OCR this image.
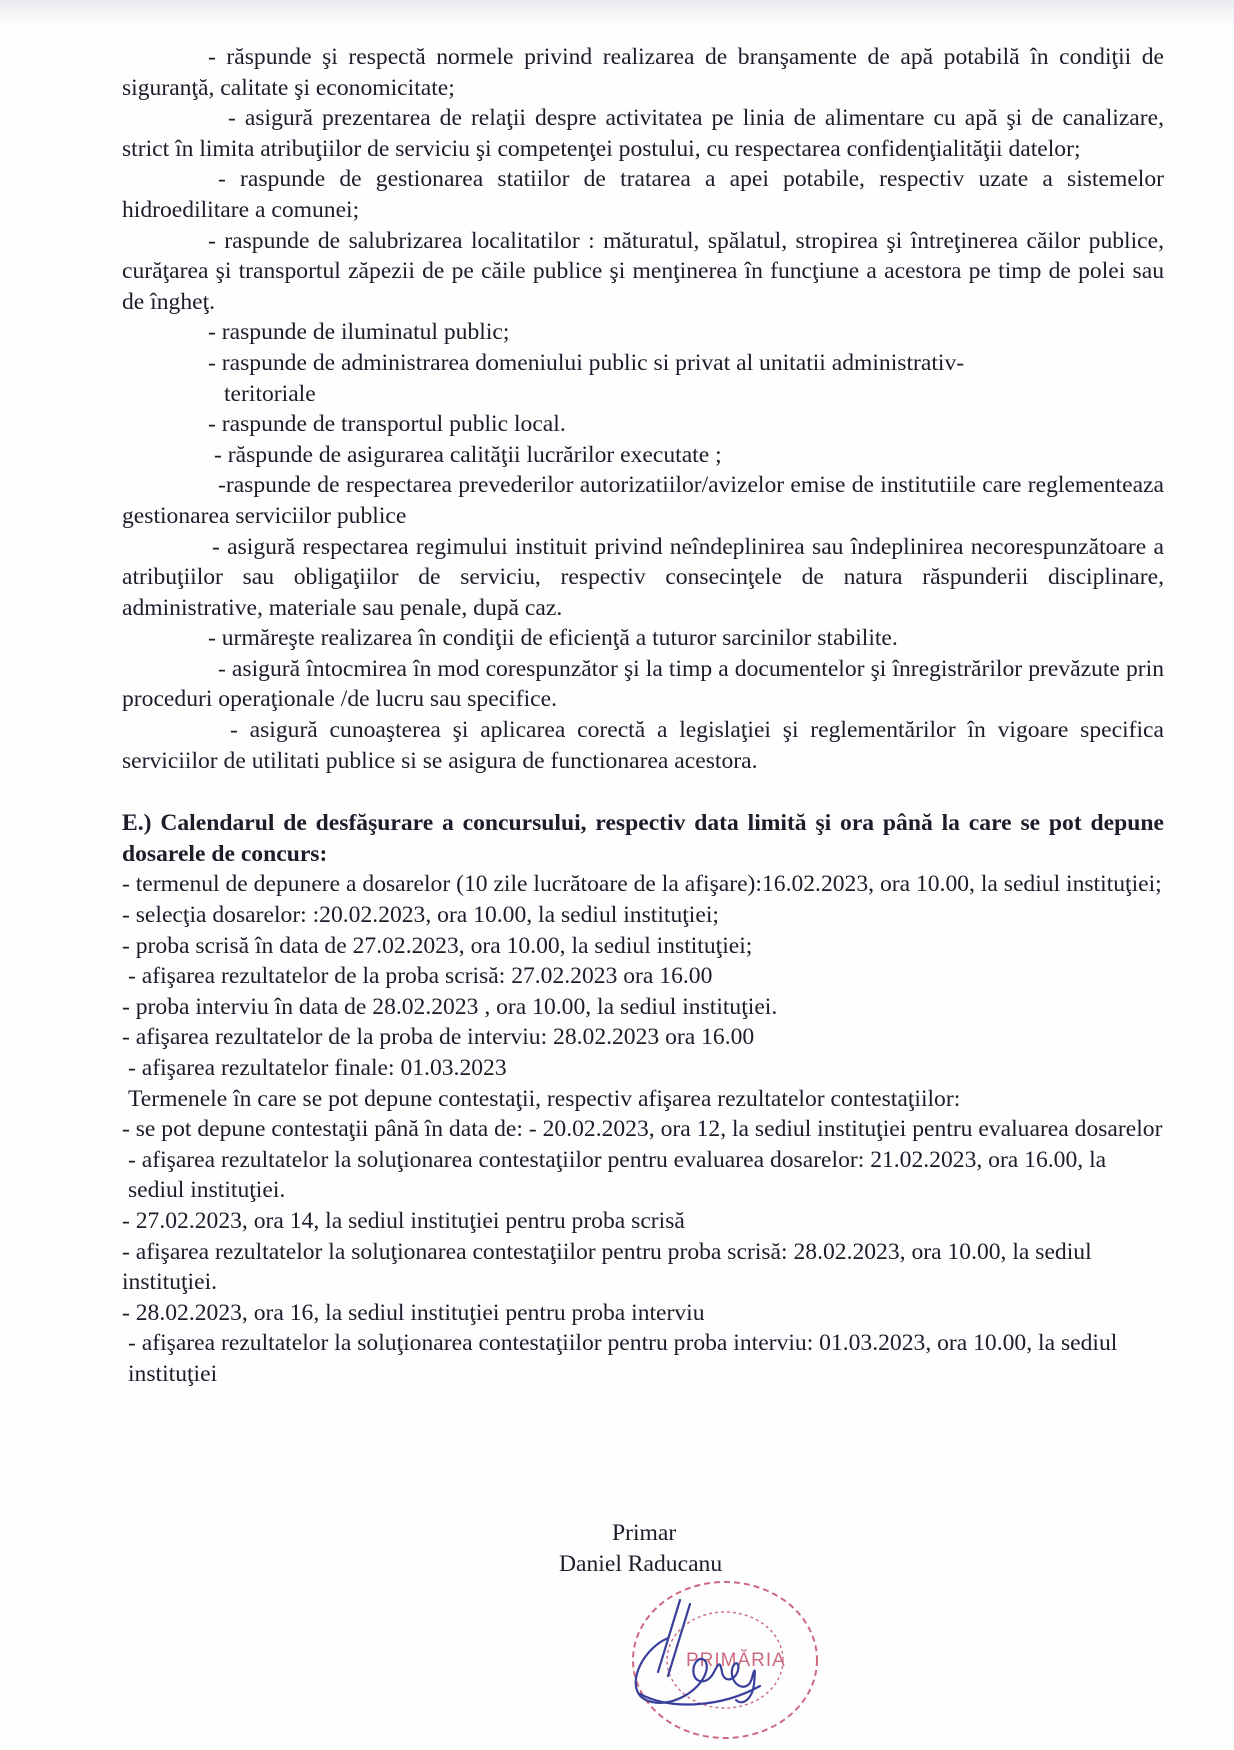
- răspunde şi respectă normele privind realizarea de branşamente de apă potabilă în condiţii de siguranţă, calitate şi economicitate;

- asigură prezentarea de relaţii despre activitatea pe linia de alimentare cu apă şi de canalizare, strict în limita atribuţiilor de serviciu şi competenţei postului, cu respectarea confidenţialităţii datelor;

- raspunde de gestionarea statiilor de tratarea a apei potabile, respectiv uzate a sistemelor hidroedilitare a comunei;

- raspunde de salubrizarea localitatilor : măturatul, spălatul, stropirea şi întreţinerea căilor publice, curăţarea şi transportul zăpezii de pe căile publice şi menţinerea în funcţiune a acestora pe timp de polei sau de îngheţ.

- raspunde de iluminatul public;

- raspunde de administrarea domeniului public si privat al unitatii administrativ-teritoriale

- raspunde de transportul public local.

- răspunde de asigurarea calităţii lucrărilor executate ;

-raspunde de respectarea prevederilor autorizatiilor/avizelor emise de institutiile care reglementeaza gestionarea serviciilor publice

- asigură respectarea regimului instituit privind neîndeplinirea sau îndeplinirea necorespunzătoare a atribuţiilor sau obligaţiilor de serviciu, respectiv consecinţele de natura răspunderii disciplinare, administrative, materiale sau penale, după caz.

- urmăreşte realizarea în condiţii de eficienţă a tuturor sarcinilor stabilite.

- asigură întocmirea în mod corespunzător şi la timp a documentelor şi înregistrărilor prevăzute prin proceduri operaţionale /de lucru sau specifice.

- asigură cunoaşterea şi aplicarea corectă a legislaţiei şi reglementărilor în vigoare specifica serviciilor de utilitati publice si se asigura de functionarea acestora.

E.) Calendarul de desfăşurare a concursului, respectiv data limită şi ora până la care se pot depune dosarele de concurs:

- termenul de depunere a dosarelor (10 zile lucrătoare de la afişare):16.02.2023, ora 10.00, la sediul instituţiei;

- selecţia dosarelor: :20.02.2023, ora 10.00, la sediul instituţiei;

- proba scrisă în data de 27.02.2023, ora 10.00, la sediul instituţiei;

- afişarea rezultatelor de la proba scrisă: 27.02.2023 ora 16.00

- proba interviu în data de 28.02.2023 , ora 10.00, la sediul instituţiei.

- afişarea rezultatelor de la proba de interviu: 28.02.2023 ora 16.00

- afişarea rezultatelor finale: 01.03.2023

Termenele în care se pot depune contestaţii, respectiv afişarea rezultatelor contestaţiilor:

- se pot depune contestaţii până în data de: - 20.02.2023, ora 12, la sediul instituţiei pentru evaluarea dosarelor

- afişarea rezultatelor la soluţionarea contestaţiilor pentru evaluarea dosarelor: 21.02.2023, ora 16.00, la sediul instituţiei.

- 27.02.2023, ora 14, la sediul instituţiei pentru proba scrisă

- afişarea rezultatelor la soluţionarea contestaţiilor pentru proba scrisă: 28.02.2023, ora 10.00, la sediul instituţiei.

- 28.02.2023, ora 16, la sediul instituţiei pentru proba interviu

- afişarea rezultatelor la soluţionarea contestaţiilor pentru proba interviu: 01.03.2023, ora 10.00, la sediul instituţiei

Primar
Daniel Raducanu
PRIMĂRIA
